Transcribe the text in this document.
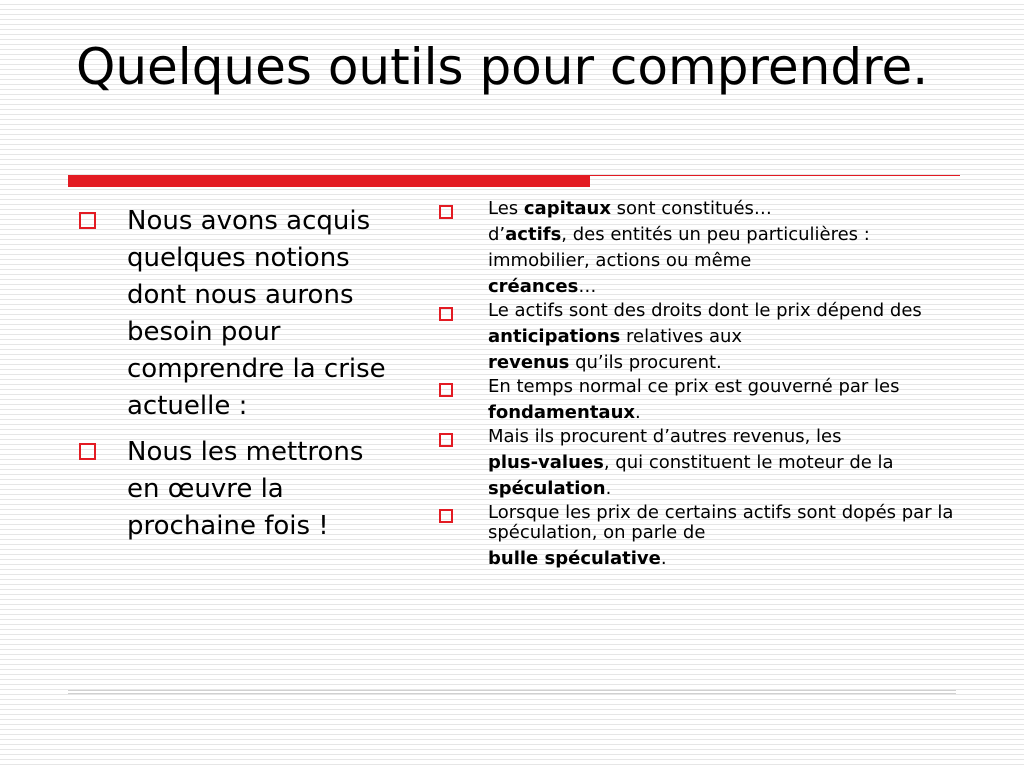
Quelques outils pour comprendre.
Nous avons acquis quelques notions dont nous aurons besoin pour comprendre la crise actuelle :
Nous les mettrons en œuvre la prochaine fois !
Les capitaux sont constitués…
d’actifs, des entités un peu particulières :
immobilier, actions ou même
créances…
Le actifs sont des droits dont le prix dépend des
anticipations relatives aux
revenus qu’ils procurent.
En temps normal ce prix est gouverné par les
fondamentaux.
Mais ils procurent d’autres revenus, les
plus-values, qui constituent le moteur de la
spéculation.
Lorsque les prix de certains actifs sont dopés par la spéculation, on parle de
bulle spéculative.
